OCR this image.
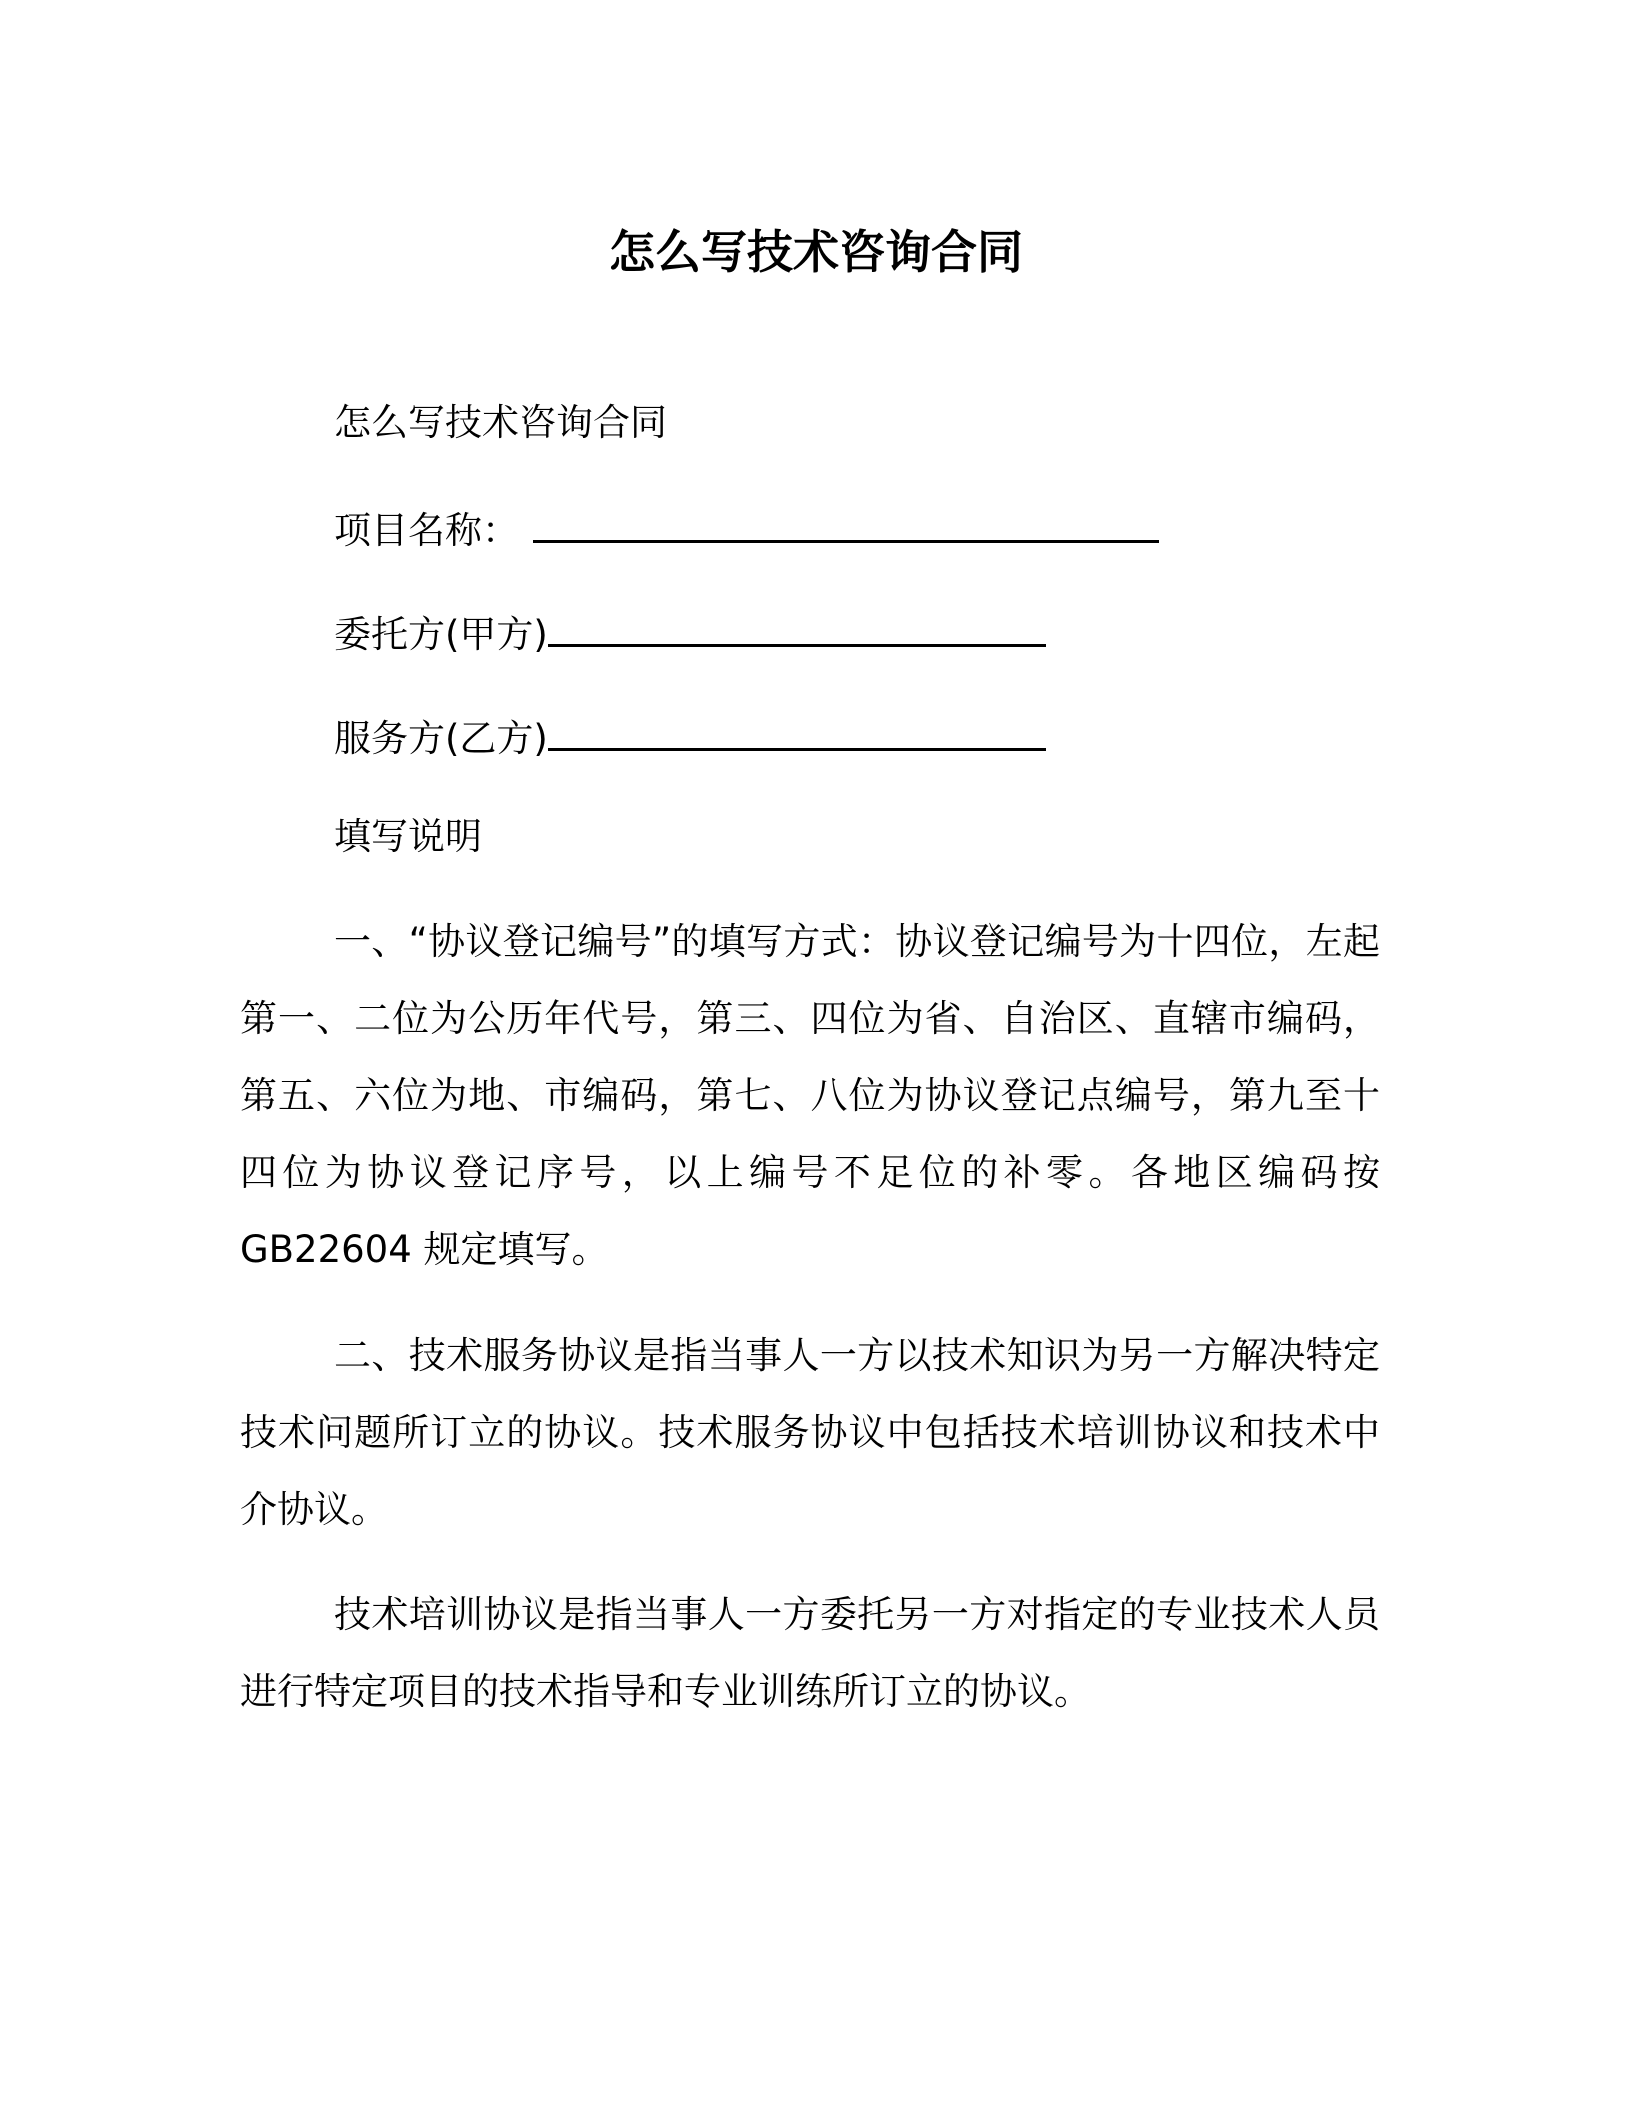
怎么写技术咨询合同

怎么写技术咨询合同

项目名称：

委托方(甲方)

服务方(乙方)

填写说明

一、“协议登记编号”的填写方式：协议登记编号为十四位，左起第一、二位为公历年代号，第三、四位为省、自治区、直辖市编码，第五、六位为地、市编码，第七、八位为协议登记点编号，第九至十四位为协议登记序号，以上编号不足位的补零。各地区编码按GB22604 规定填写。

二、技术服务协议是指当事人一方以技术知识为另一方解决特定技术问题所订立的协议。技术服务协议中包括技术培训协议和技术中介协议。

技术培训协议是指当事人一方委托另一方对指定的专业技术人员进行特定项目的技术指导和专业训练所订立的协议。
